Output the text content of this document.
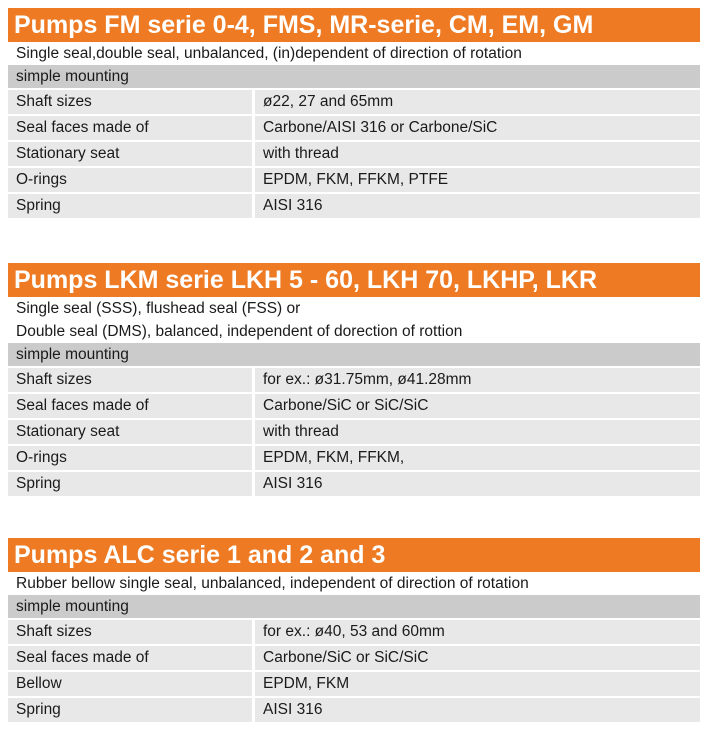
Pumps FM serie 0-4, FMS, MR-serie, CM, EM, GM
Single seal,double seal, unbalanced, (in)dependent of direction of rotation
simple mounting
Shaft sizes	ø22, 27 and 65mm
Seal faces made of	Carbone/AISI 316 or Carbone/SiC
Stationary seat	with thread
O-rings	EPDM, FKM, FFKM, PTFE
Spring	AISI 316
Pumps LKM serie LKH 5 - 60, LKH 70, LKHP, LKR
Single seal (SSS), flushead seal (FSS) or
Double seal (DMS), balanced, independent of dorection of rottion
simple mounting
Shaft sizes	for ex.: ø31.75mm, ø41.28mm
Seal faces made of	Carbone/SiC or SiC/SiC
Stationary seat	with thread
O-rings	EPDM, FKM, FFKM,
Spring	AISI 316
Pumps ALC serie 1 and 2 and 3
Rubber bellow single seal, unbalanced, independent of direction of rotation
simple mounting
Shaft sizes	for ex.: ø40, 53 and 60mm
Seal faces made of	Carbone/SiC or SiC/SiC
Bellow	EPDM, FKM
Spring	AISI 316
